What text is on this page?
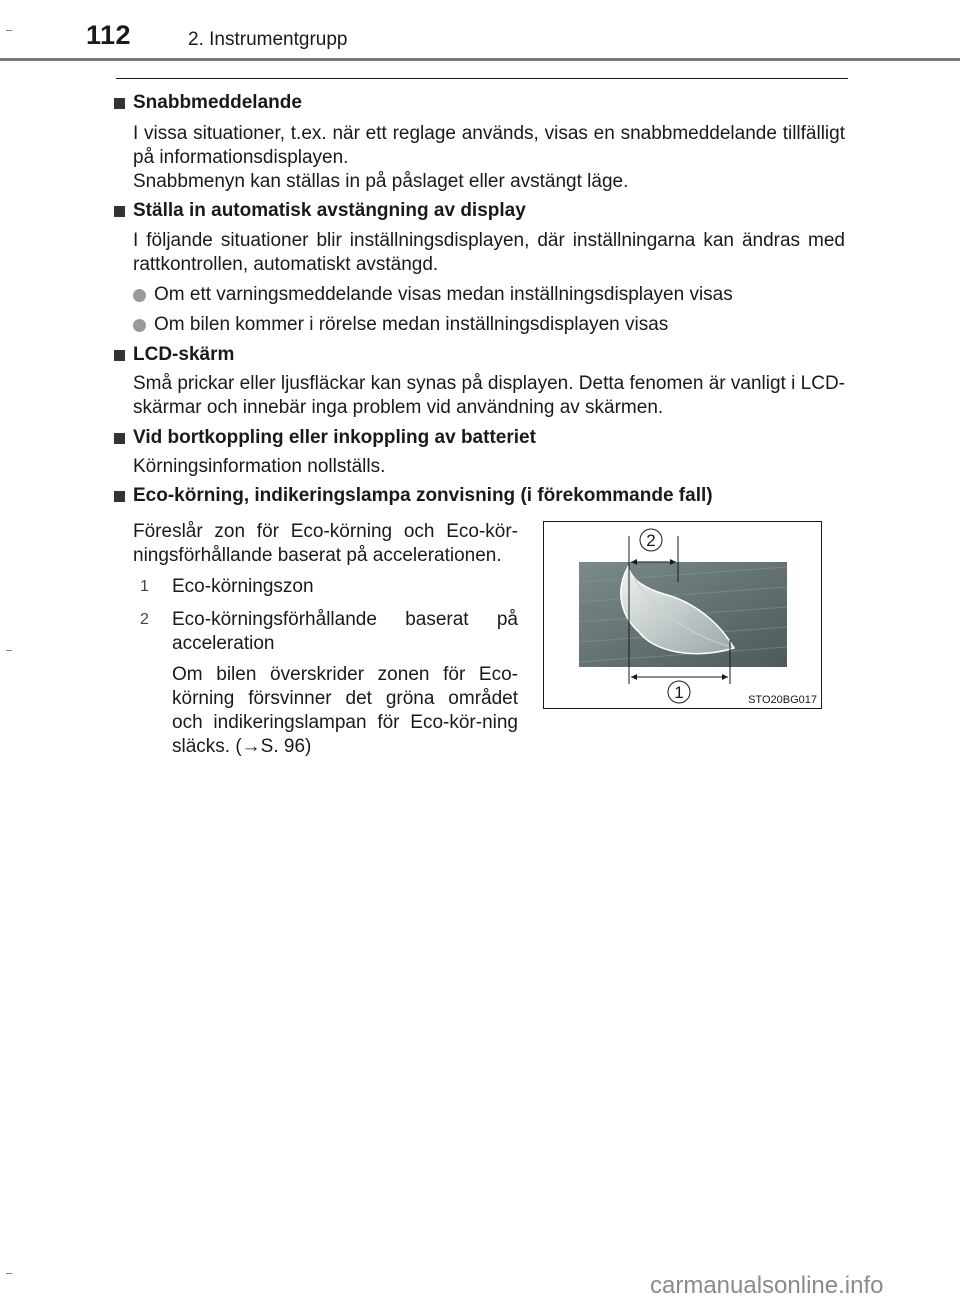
112	2. Instrumentgrupp
Snabbmeddelande
I vissa situationer, t.ex. när ett reglage används, visas en snabbmeddelande tillfälligt på informationsdisplayen.
Snabbmenyn kan ställas in på påslaget eller avstängt läge.
Ställa in automatisk avstängning av display
I följande situationer blir inställningsdisplayen, där inställningarna kan ändras med rattkontrollen, automatiskt avstängd.
Om ett varningsmeddelande visas medan inställningsdisplayen visas
Om bilen kommer i rörelse medan inställningsdisplayen visas
LCD-skärm
Små prickar eller ljusfläckar kan synas på displayen. Detta fenomen är vanligt i LCD-skärmar och innebär inga problem vid användning av skärmen.
Vid bortkoppling eller inkoppling av batteriet
Körningsinformation nollställs.
Eco-körning, indikeringslampa zonvisning (i förekommande fall)
Föreslår zon för Eco-körning och Eco-kör-ningsförhållande baserat på accelerationen.
1 Eco-körningszon
2 Eco-körningsförhållande baserat på acceleration
Om bilen överskrider zonen för Eco-körning försvinner det gröna området och indikeringslampan för Eco-kör-ning släcks. (→S. 96)
2
1	STO20BG017
carmanualsonline.info
